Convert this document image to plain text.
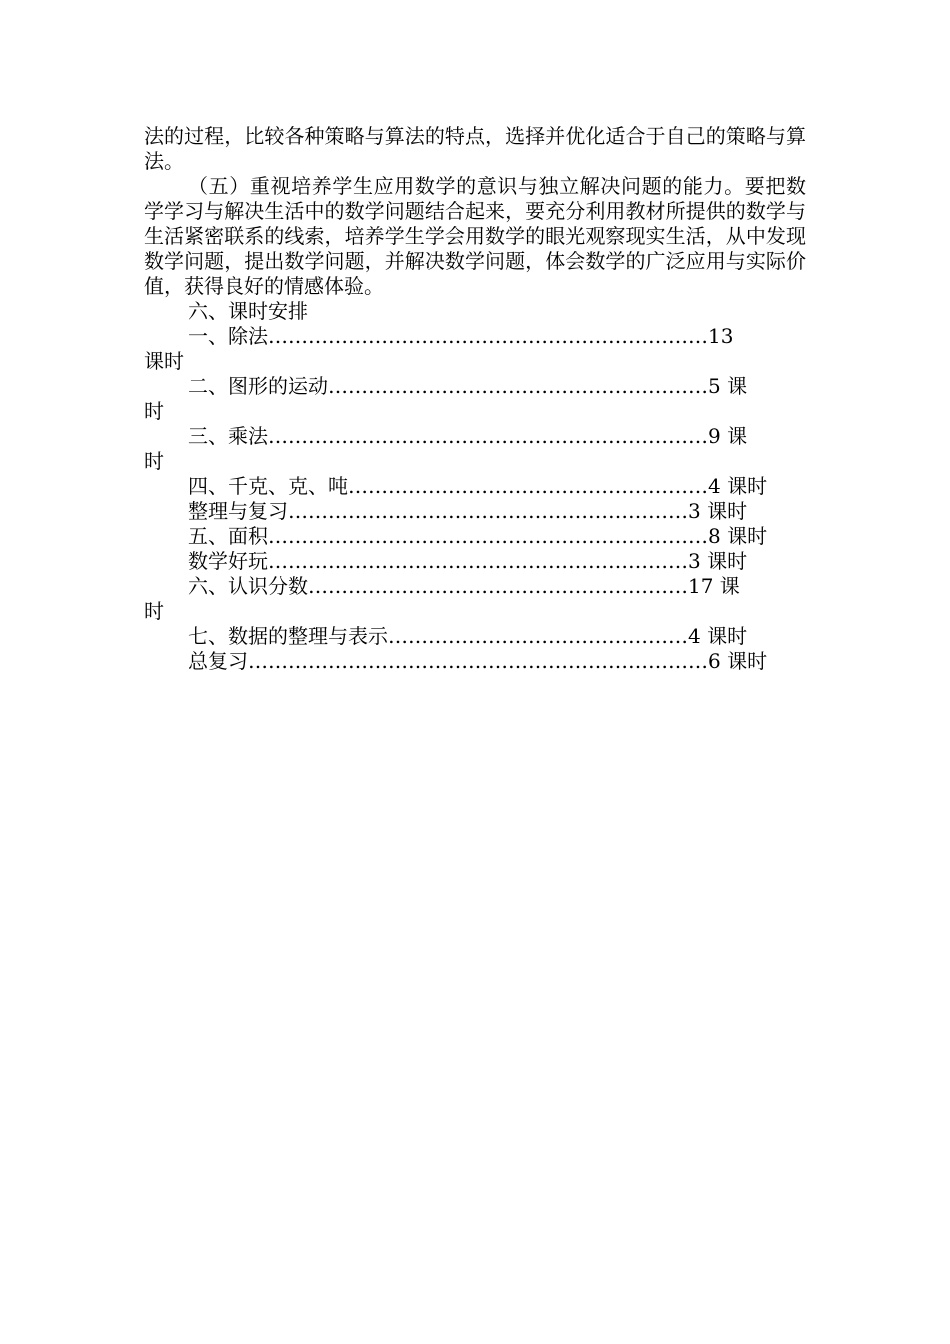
法的过程，比较各种策略与算法的特点，选择并优化适合于自己的策略与算法。

（五）重视培养学生应用数学的意识与独立解决问题的能力。要把数学学习与解决生活中的数学问题结合起来，要充分利用教材所提供的数学与生活紧密联系的线索，培养学生学会用数学的眼光观察现实生活，从中发现数学问题，提出数学问题，并解决数学问题，体会数学的广泛应用与实际价值，获得良好的情感体验。

六、课时安排

一、除法…………………………………………………………13

课时

二、图形的运动…………………………………………………5 课

时

三、乘法…………………………………………………………9 课

时

四、千克、克、吨………………………………………………4 课时

整理与复习……………………………………………………3 课时

五、面积…………………………………………………………8 课时

数学好玩………………………………………………………3 课时

六、认识分数…………………………………………………17 课

时

七、数据的整理与表示………………………………………4 课时

总复习……………………………………………………………6 课时
